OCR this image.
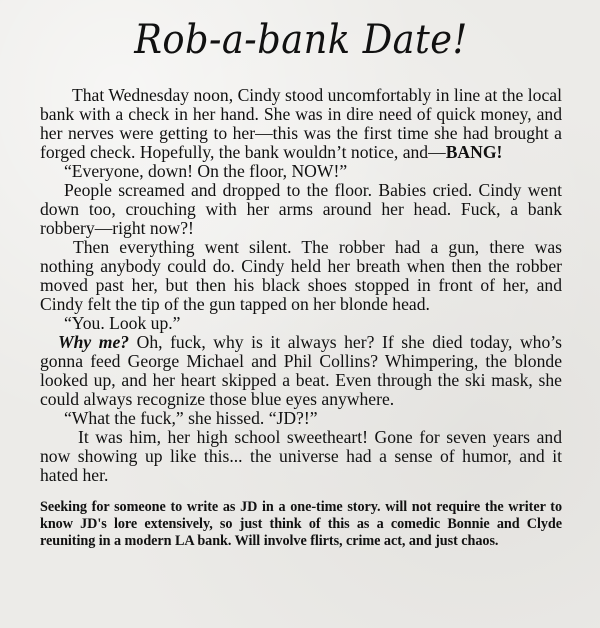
Rob-a-bank Date!

That Wednesday noon, Cindy stood uncomfortably in line at the local bank with a check in her hand. She was in dire need of quick money, and her nerves were getting to her—this was the first time she had brought a forged check. Hopefully, the bank wouldn’t notice, and—BANG!

“Everyone, down! On the floor, NOW!”

People screamed and dropped to the floor. Babies cried. Cindy went down too, crouching with her arms around her head. Fuck, a bank robbery—right now?!

Then everything went silent. The robber had a gun, there was nothing anybody could do. Cindy held her breath when then the robber moved past her, but then his black shoes stopped in front of her, and Cindy felt the tip of the gun tapped on her blonde head.

“You. Look up.”

Why me? Oh, fuck, why is it always her? If she died today, who’s gonna feed George Michael and Phil Collins? Whimpering, the blonde looked up, and her heart skipped a beat. Even through the ski mask, she could always recognize those blue eyes anywhere.

“What the fuck,” she hissed. “JD?!”

It was him, her high school sweetheart! Gone for seven years and now showing up like this... the universe had a sense of humor, and it hated her.

Seeking for someone to write as JD in a one-time story. will not require the writer to know JD's lore extensively, so just think of this as a comedic Bonnie and Clyde reuniting in a modern LA bank. Will involve flirts, crime act, and just chaos.
